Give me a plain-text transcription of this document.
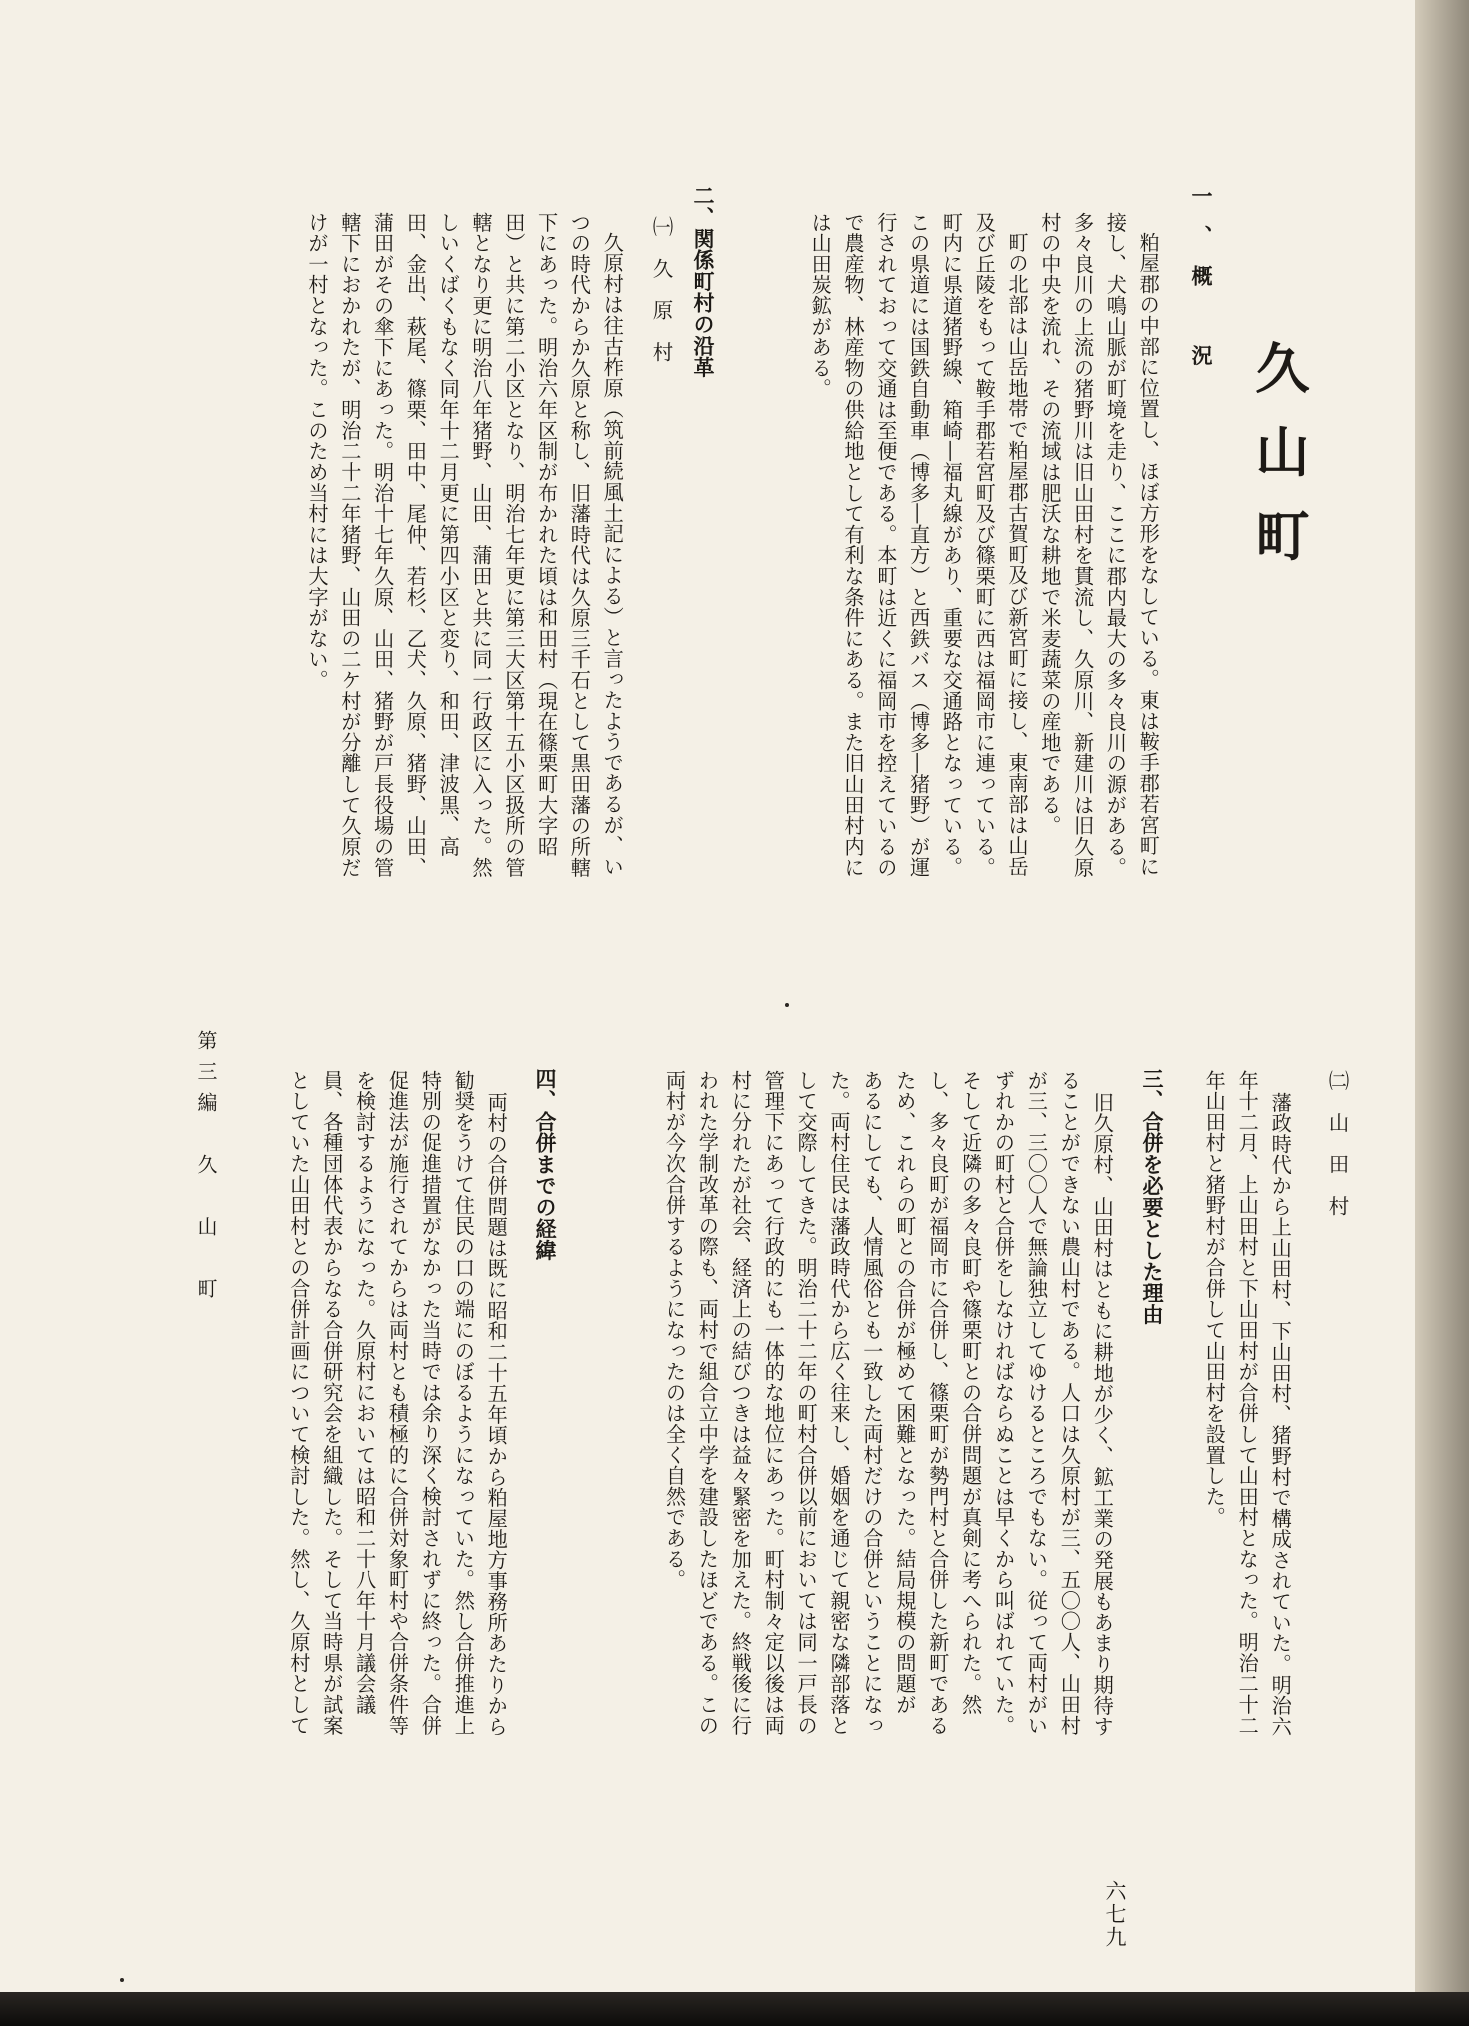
久山町
一、概　況
粕屋郡の中部に位置し、ほぼ方形をなしている。東は鞍手郡若宮町に
接し、犬鳴山脈が町境を走り、ここに郡内最大の多々良川の源がある。
多々良川の上流の猪野川は旧山田村を貫流し、久原川、新建川は旧久原
村の中央を流れ、その流域は肥沃な耕地で米麦蔬菜の産地である。
町の北部は山岳地帯で粕屋郡古賀町及び新宮町に接し、東南部は山岳
及び丘陵をもって鞍手郡若宮町及び篠栗町に西は福岡市に連っている。
町内に県道猪野線、箱崎―福丸線があり、重要な交通路となっている。
この県道には国鉄自動車（博多―直方）と西鉄バス（博多―猪野）が運
行されておって交通は至便である。本町は近くに福岡市を控えているの
で農産物、林産物の供給地として有利な条件にある。また旧山田村内に
は山田炭鉱がある。
二、関係町村の沿革
㈠　久　原　村
久原村は往古柞原（筑前続風土記による）と言ったようであるが、い
つの時代からか久原と称し、旧藩時代は久原三千石として黒田藩の所轄
下にあった。明治六年区制が布かれた頃は和田村（現在篠栗町大字昭
田）と共に第二小区となり、明治七年更に第三大区第十五小区扱所の管
轄となり更に明治八年猪野、山田、蒲田と共に同一行政区に入った。然
しいくばくもなく同年十二月更に第四小区と変り、和田、津波黒、高
田、金出、萩尾、篠栗、田中、尾仲、若杉、乙犬、久原、猪野、山田、
蒲田がその傘下にあった。明治十七年久原、山田、猪野が戸長役場の管
轄下におかれたが、明治二十二年猪野、山田の二ケ村が分離して久原だ
けが一村となった。このため当村には大字がない。
㈡　山　田　村
藩政時代から上山田村、下山田村、猪野村で構成されていた。明治六
年十二月、上山田村と下山田村が合併して山田村となった。明治二十二
年山田村と猪野村が合併して山田村を設置した。
三、合併を必要とした理由
旧久原村、山田村はともに耕地が少く、鉱工業の発展もあまり期待す
ることができない農山村である。人口は久原村が三、五〇〇人、山田村
が三、三〇〇人で無論独立してゆけるところでもない。従って両村がい
ずれかの町村と合併をしなければならぬことは早くから叫ばれていた。
そして近隣の多々良町や篠栗町との合併問題が真剣に考へられた。然
し、多々良町が福岡市に合併し、篠栗町が勢門村と合併した新町である
ため、これらの町との合併が極めて困難となった。結局規模の問題が
あるにしても、人情風俗とも一致した両村だけの合併ということになっ
た。両村住民は藩政時代から広く往来し、婚姻を通じて親密な隣部落と
して交際してきた。明治二十二年の町村合併以前においては同一戸長の
管理下にあって行政的にも一体的な地位にあった。町村制々定以後は両
村に分れたが社会、経済上の結びつきは益々緊密を加えた。終戦後に行
われた学制改革の際も、両村で組合立中学を建設したほどである。この
両村が今次合併するようになったのは全く自然である。
四、合併までの経緯
両村の合併問題は既に昭和二十五年頃から粕屋地方事務所あたりから
勧奨をうけて住民の口の端にのぼるようになっていた。然し合併推進上
特別の促進措置がなかった当時では余り深く検討されずに終った。合併
促進法が施行されてからは両村とも積極的に合併対象町村や合併条件等
を検討するようになった。久原村においては昭和二十八年十月議会議
員、各種団体代表からなる合併研究会を組織した。そして当時県が試案
としていた山田村との合併計画について検討した。然し、久原村として
第三編　久　山　町
六七九
